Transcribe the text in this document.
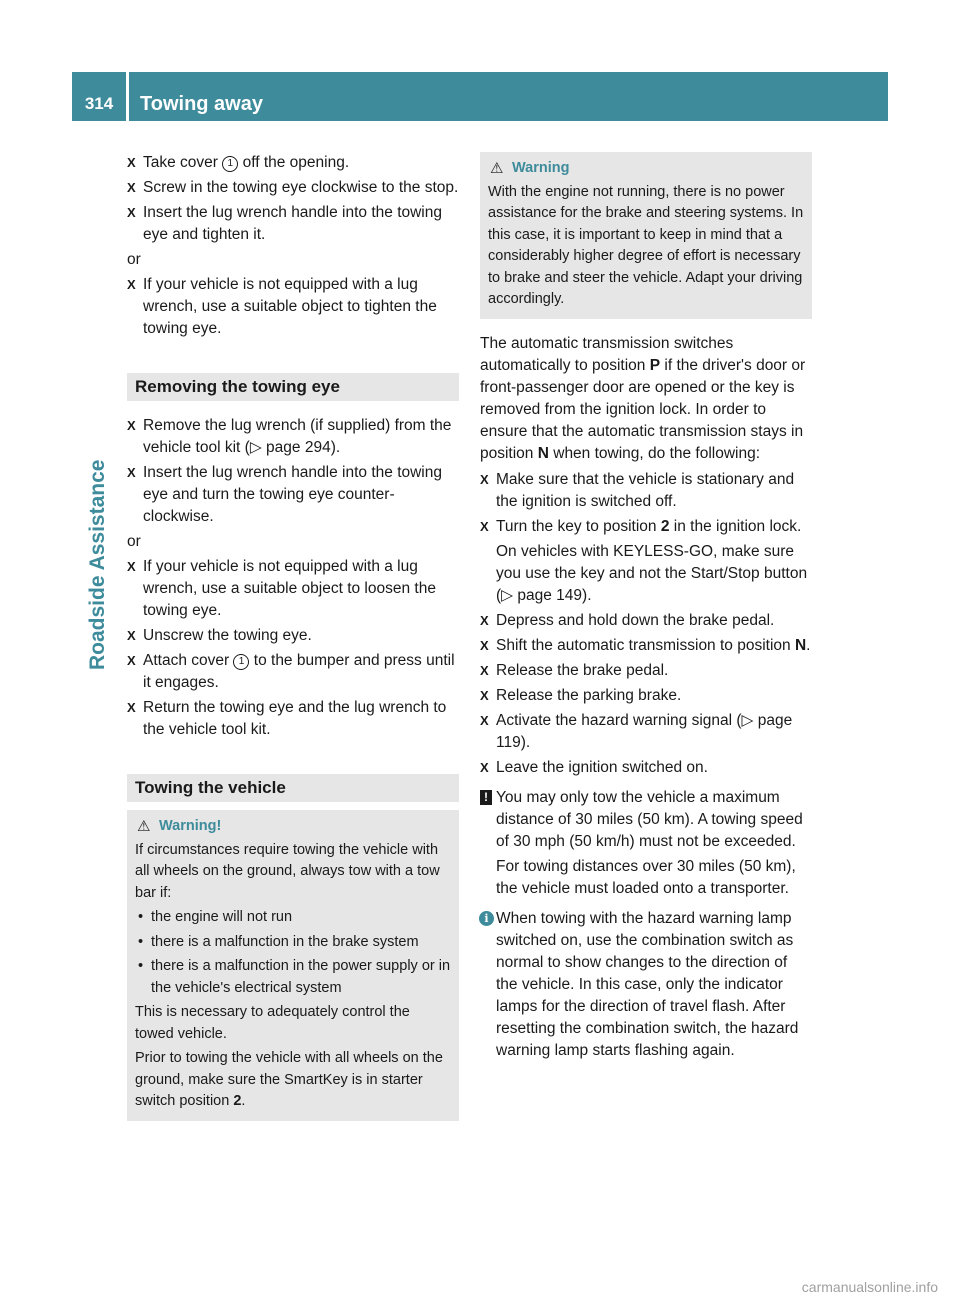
314	Towing away
Roadside Assistance
X Take cover 1 off the opening.
X Screw in the towing eye clockwise to the stop.
X Insert the lug wrench handle into the towing eye and tighten it.

or

X If your vehicle is not equipped with a lug wrench, use a suitable object to tighten the towing eye.
Removing the towing eye
X Remove the lug wrench (if supplied) from the vehicle tool kit (▷ page 294).
X Insert the lug wrench handle into the towing eye and turn the towing eye counter-clockwise.

or

X If your vehicle is not equipped with a lug wrench, use a suitable object to loosen the towing eye.
X Unscrew the towing eye.
X Attach cover 1 to the bumper and press until it engages.
X Return the towing eye and the lug wrench to the vehicle tool kit.
Towing the vehicle
⚠ Warning!

If circumstances require towing the vehicle with all wheels on the ground, always tow with a tow bar if:

• the engine will not run
• there is a malfunction in the brake system
• there is a malfunction in the power supply or in the vehicle's electrical system

This is necessary to adequately control the towed vehicle.

Prior to towing the vehicle with all wheels on the ground, make sure the SmartKey is in starter switch position 2.

⚠ Warning

With the engine not running, there is no power assistance for the brake and steering systems. In this case, it is important to keep in mind that a considerably higher degree of effort is necessary to brake and steer the vehicle. Adapt your driving accordingly.

The automatic transmission switches automatically to position P if the driver's door or front-passenger door are opened or the key is removed from the ignition lock. In order to ensure that the automatic transmission stays in position N when towing, do the following:

X Make sure that the vehicle is stationary and the ignition is switched off.
X Turn the key to position 2 in the ignition lock.

On vehicles with KEYLESS-GO, make sure you use the key and not the Start/Stop button (▷ page 149).

X Depress and hold down the brake pedal.
X Shift the automatic transmission to position N.
X Release the brake pedal.
X Release the parking brake.
X Activate the hazard warning signal (▷ page 119).
X Leave the ignition switched on.
! You may only tow the vehicle a maximum distance of 30 miles (50 km). A towing speed of 30 mph (50 km/h) must not be exceeded.

For towing distances over 30 miles (50 km), the vehicle must loaded onto a transporter.

i When towing with the hazard warning lamp switched on, use the combination switch as normal to show changes to the direction of the vehicle. In this case, only the indicator lamps for the direction of travel flash. After resetting the combination switch, the hazard warning lamp starts flashing again.

carmanualsonline.info
